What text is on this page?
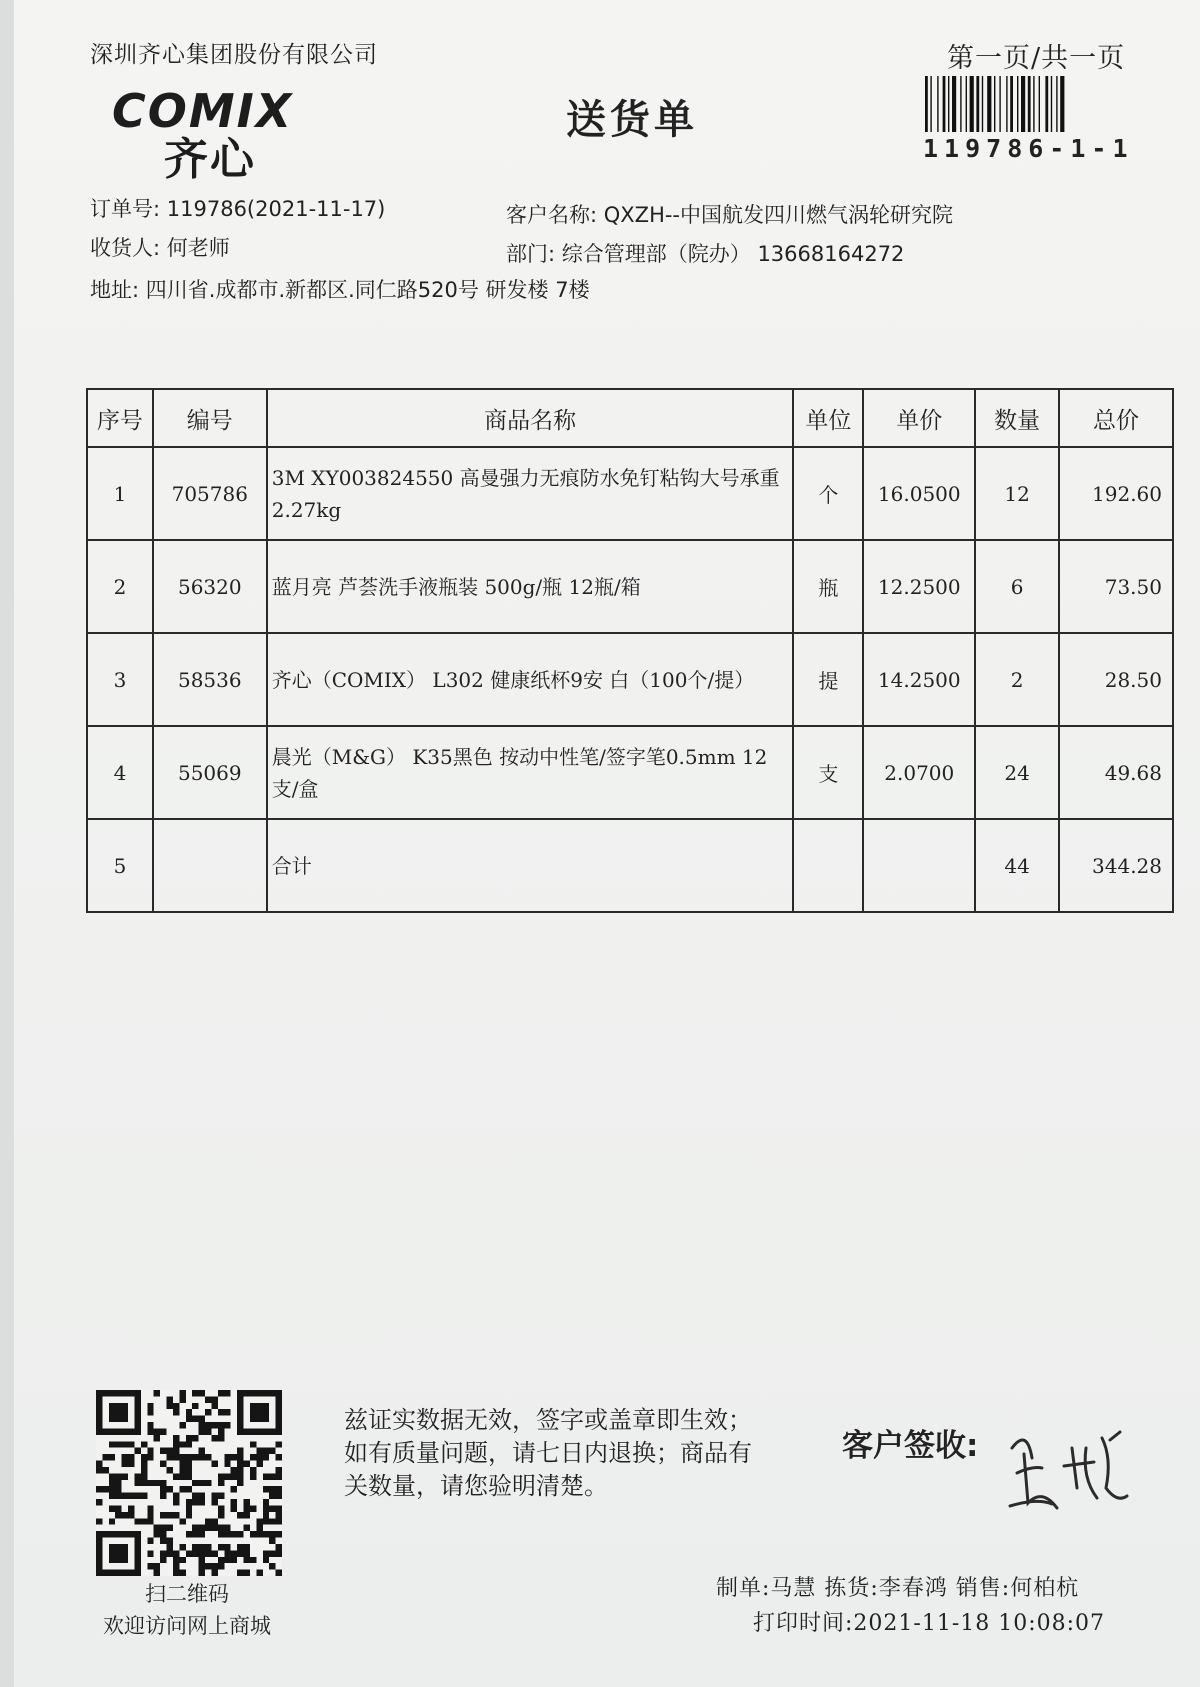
深圳齐心集团股份有限公司	第一页/共一页
COMIX
齐心
送货单
119786-1-1
订单号: 119786(2021-11-17)	客户名称: QXZH--中国航发四川燃气涡轮研究院
收货人: 何老师	部门: 综合管理部（院办） 13668164272
地址: 四川省.成都市.新都区.同仁路520号 研发楼 7楼
序号	编号	商品名称	单位	单价	数量	总价
1	705786	3M XY003824550 高曼强力无痕防水免钉粘钩大号承重2.27kg	个	16.0500	12	192.60
2	56320	蓝月亮 芦荟洗手液瓶装 500g/瓶 12瓶/箱	瓶	12.2500	6	73.50
3	58536	齐心（COMIX） L302 健康纸杯9安 白（100个/提）	提	14.2500	2	28.50
4	55069	晨光（M&G） K35黑色 按动中性笔/签字笔0.5mm 12支/盒	支	2.0700	24	49.68
5		合计			44	344.28
扫二维码
欢迎访问网上商城
兹证实数据无效，签字或盖章即生效；如有质量问题，请七日内退换；商品有关数量，请您验明清楚。
客户签收:
制单:马慧 拣货:李春鸿 销售:何柏杭
打印时间:2021-11-18 10:08:07
